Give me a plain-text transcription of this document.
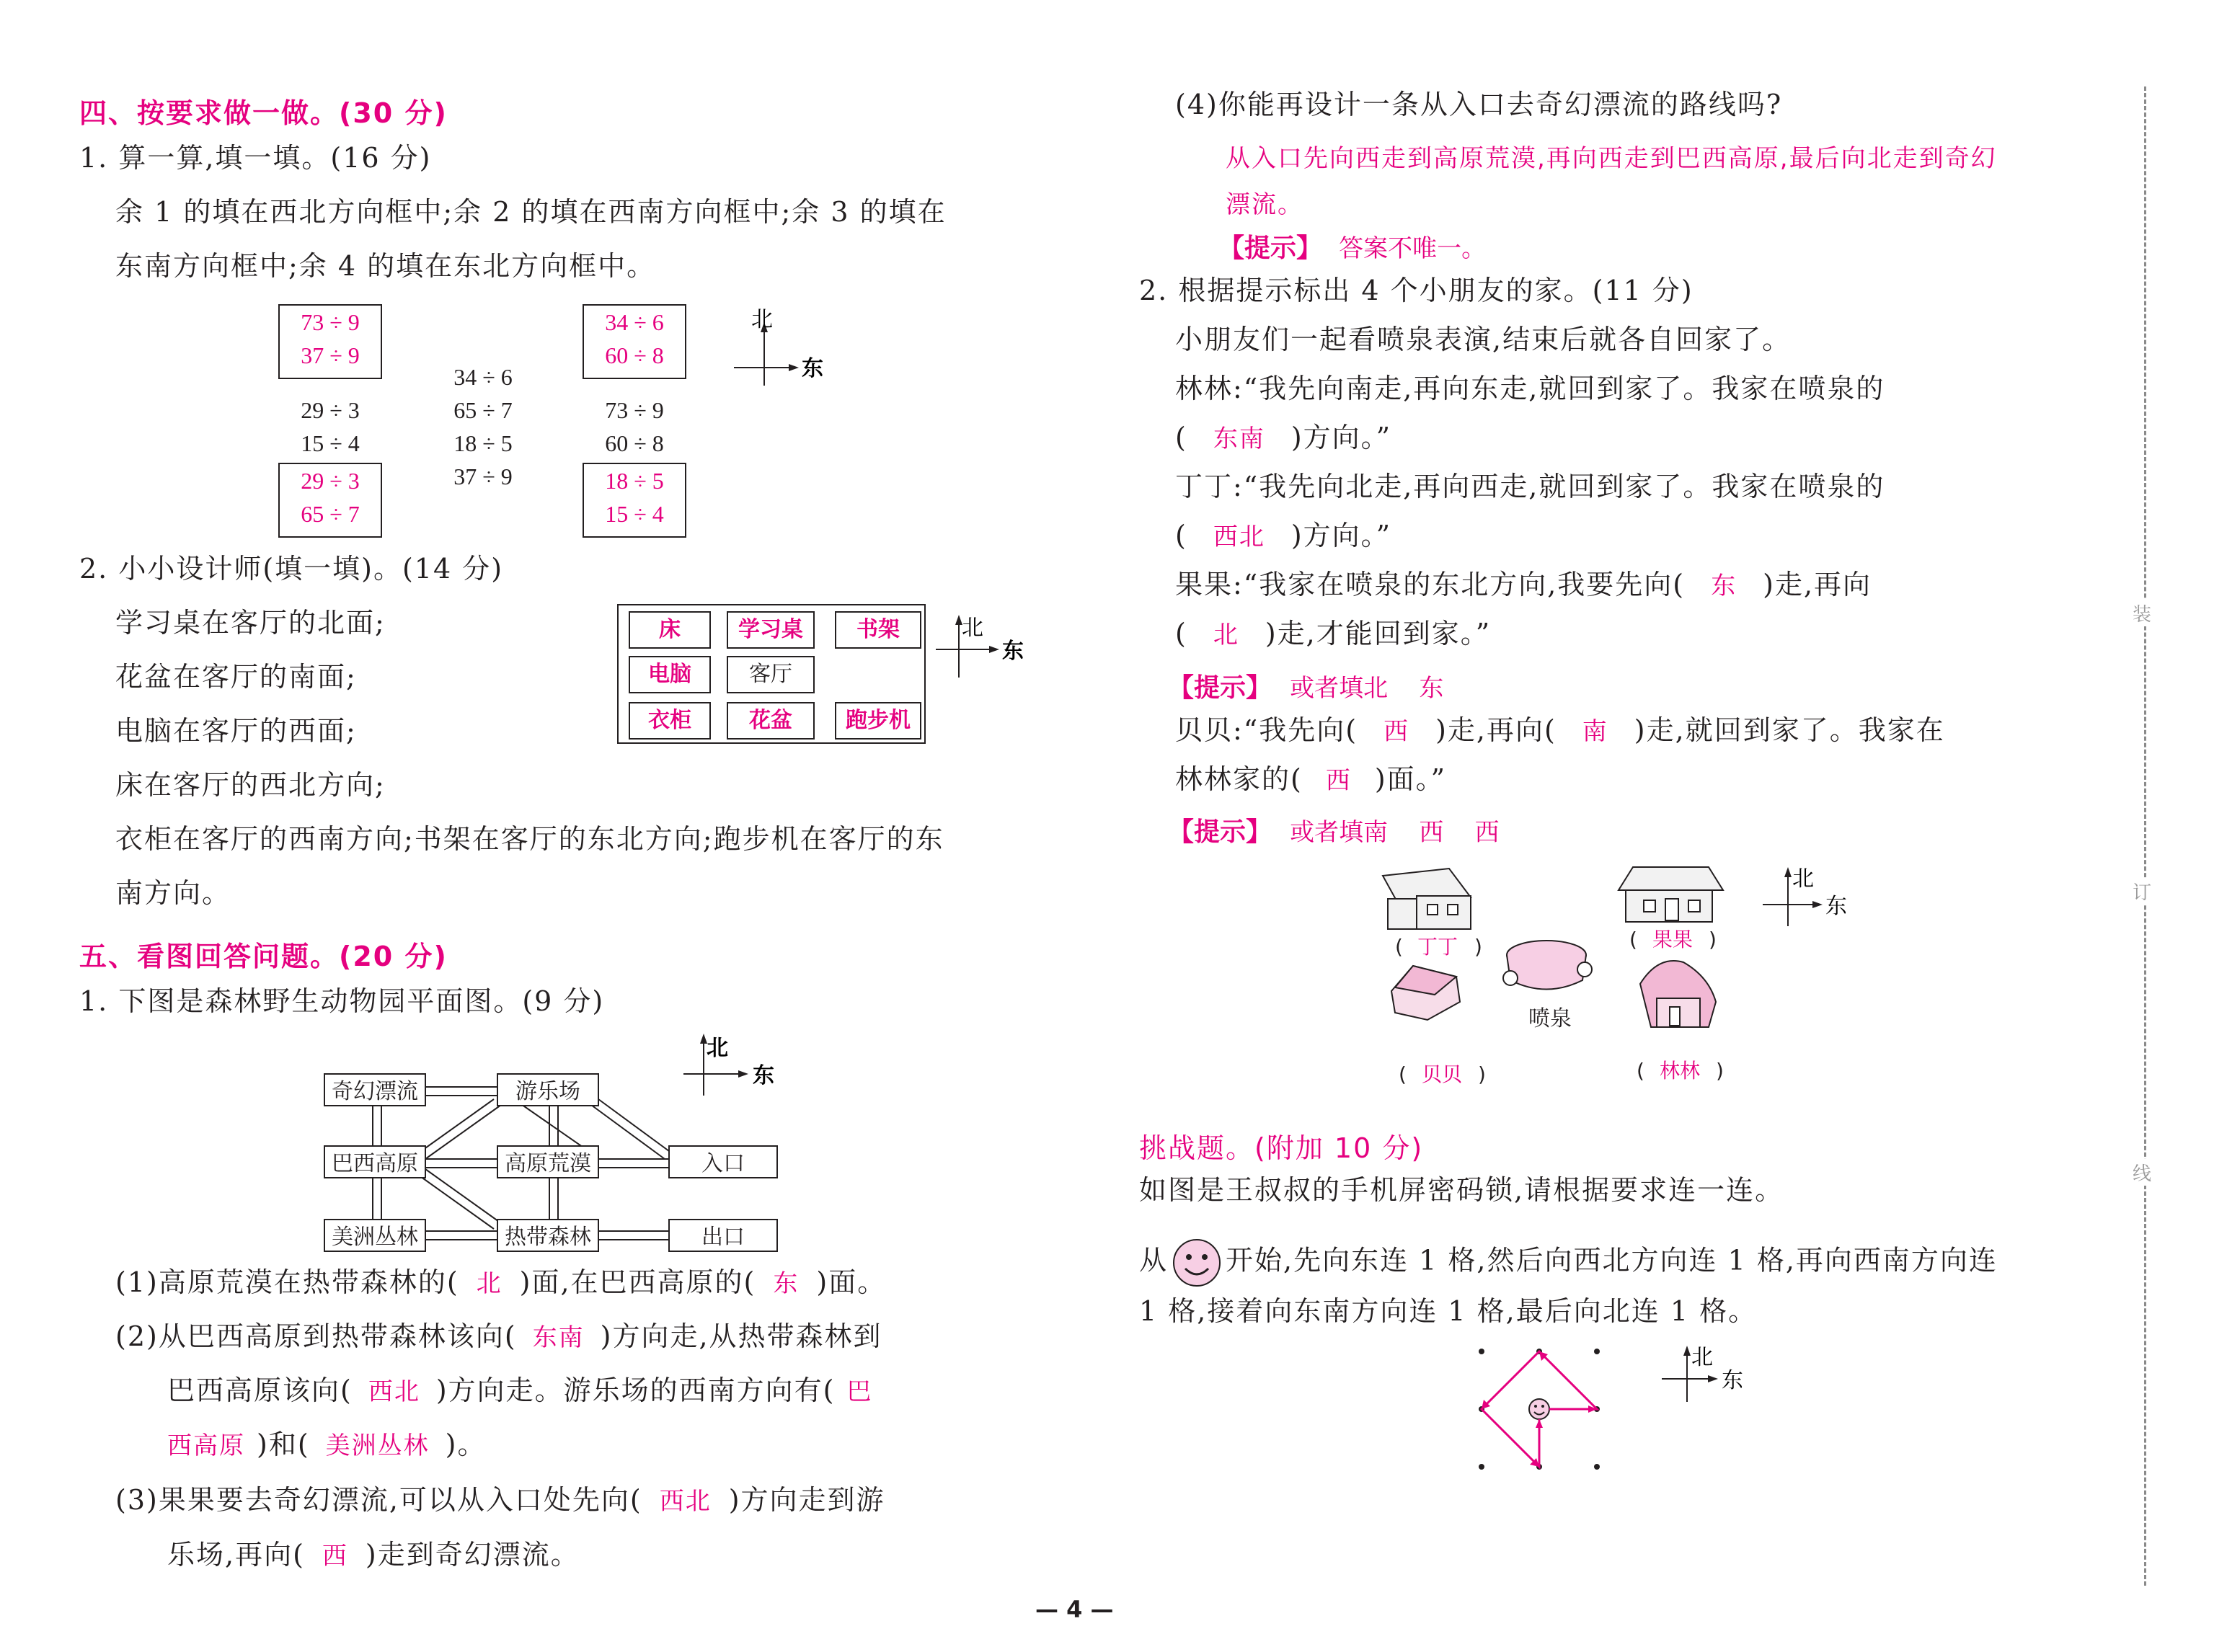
四、按要求做一做。(30 分)
1. 算一算,填一填。(16 分)
余 1 的填在西北方向框中;余 2 的填在西南方向框中;余 3 的填在
东南方向框中;余 4 的填在东北方向框中。
73 ÷ 9
37 ÷ 9
34 ÷ 6
60 ÷ 8
29 ÷ 3
65 ÷ 7
18 ÷ 5
15 ÷ 4
29 ÷ 3
15 ÷ 4
34 ÷ 6
65 ÷ 7
18 ÷ 5
37 ÷ 9
73 ÷ 9
60 ÷ 8
北
东
2. 小小设计师(填一填)。(14 分)
学习桌在客厅的北面;
花盆在客厅的南面;
电脑在客厅的西面;
床在客厅的西北方向;
衣柜在客厅的西南方向;书架在客厅的东北方向;跑步机在客厅的东
南方向。
床	学习桌	书架
电脑	客厅
衣柜	花盆	跑步机
北
东
五、看图回答问题。(20 分)
1. 下图是森林野生动物园平面图。(9 分)
奇幻漂流	游乐场
巴西高原	高原荒漠	入口
美洲丛林	热带森林	出口
北
东
(1)高原荒漠在热带森林的( 北 )面,在巴西高原的( 东 )面。
(2)从巴西高原到热带森林该向( 东南 )方向走,从热带森林到
巴西高原该向( 西北 )方向走。游乐场的西南方向有( 巴
西高原 )和( 美洲丛林 )。
(3)果果要去奇幻漂流,可以从入口处先向( 西北 )方向走到游
乐场,再向( 西 )走到奇幻漂流。
(4)你能再设计一条从入口去奇幻漂流的路线吗?
从入口先向西走到高原荒漠,再向西走到巴西高原,最后向北走到奇幻
漂流。
【提示】 答案不唯一。
2. 根据提示标出 4 个小朋友的家。(11 分)
小朋友们一起看喷泉表演,结束后就各自回家了。
林林:“我先向南走,再向东走,就回到家了。我家在喷泉的
( 东南 )方向。”
丁丁:“我先向北走,再向西走,就回到家了。我家在喷泉的
( 西北 )方向。”
果果:“我家在喷泉的东北方向,我要先向( 东 )走,再向
( 北 )走,才能回到家。”
【提示】 或者填北    东
贝贝:“我先向( 西 )走,再向( 南 )走,就回到家了。我家在
林林家的( 西 )面。”
【提示】 或者填南    西    西
( 丁丁 )	( 果果 )
喷泉
( 贝贝 )	( 林林 )
北
东
挑战题。(附加 10 分)
如图是王叔叔的手机屏密码锁,请根据要求连一连。
从 开始,先向东连 1 格,然后向西北方向连 1 格,再向西南方向连
1 格,接着向东南方向连 1 格,最后向北连 1 格。
北
东
装
订
线
— 4 —
